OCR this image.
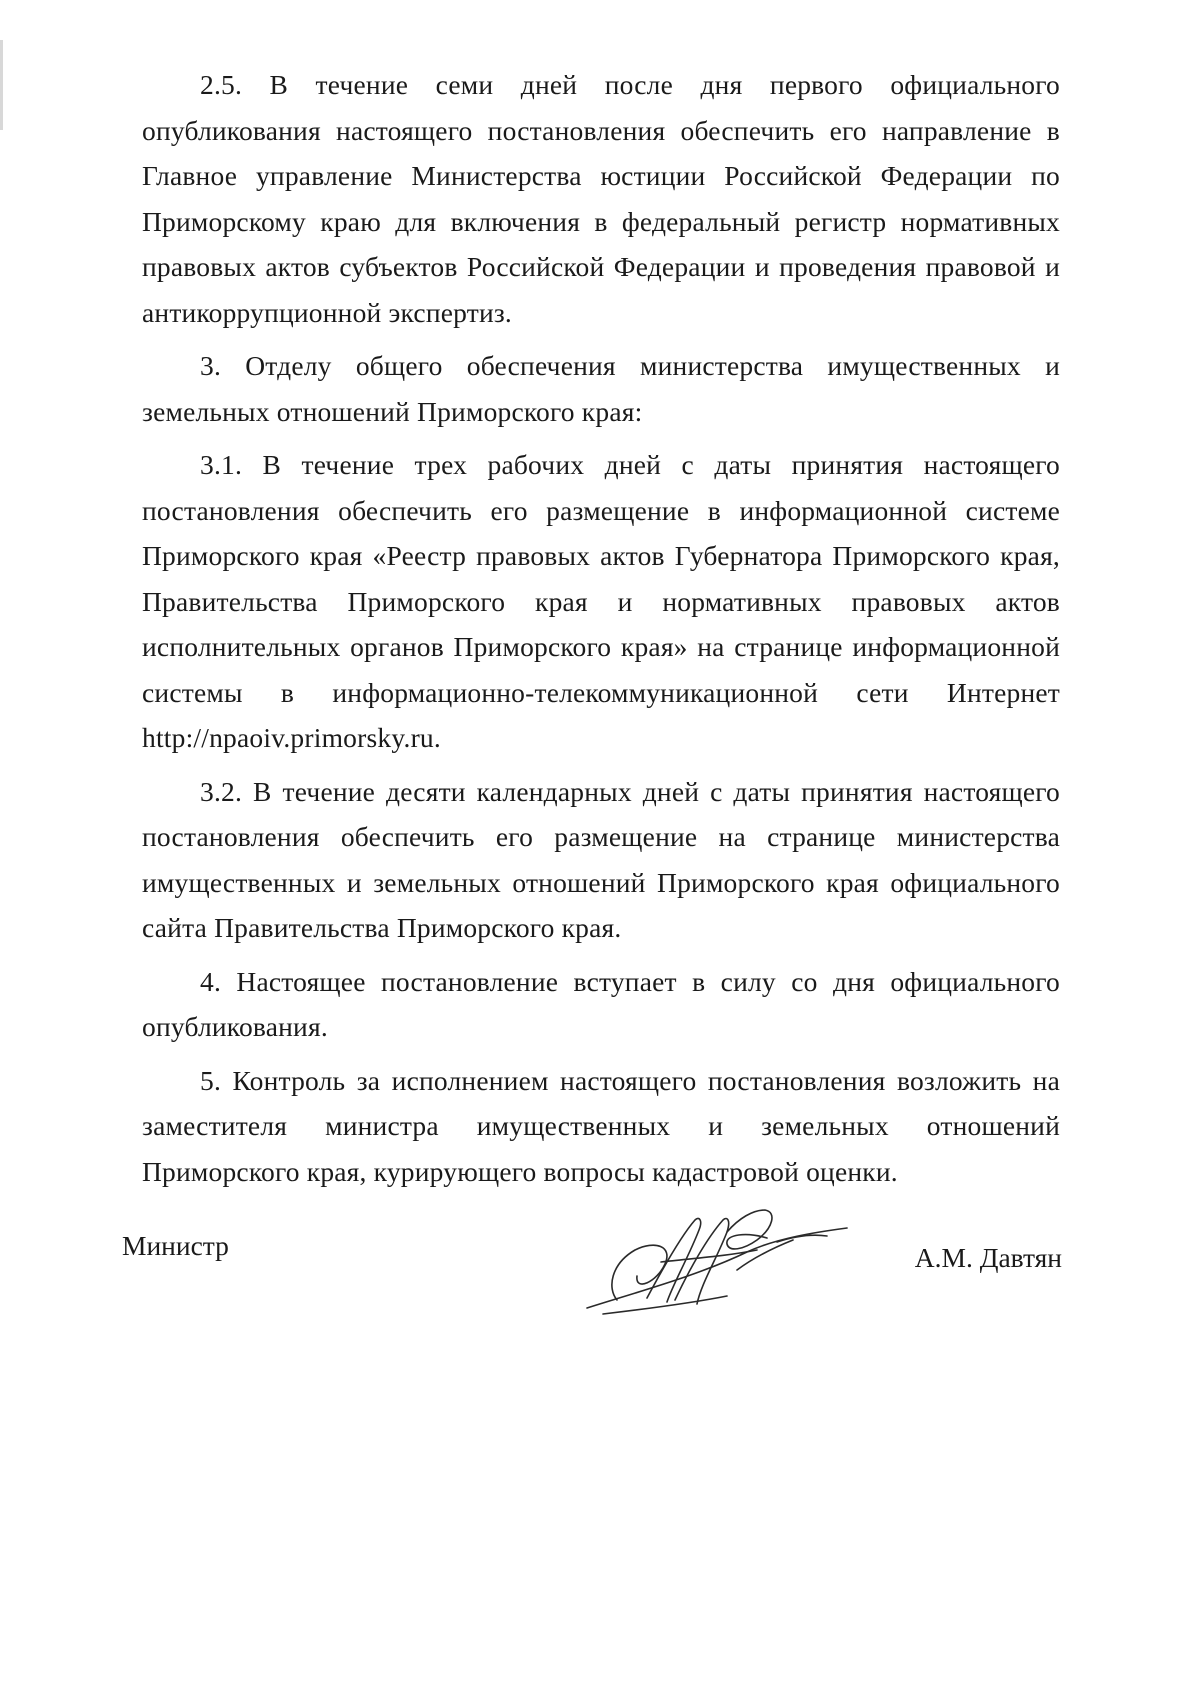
2.5. В течение семи дней после дня первого официального опубликования настоящего постановления обеспечить его направление в Главное управление Министерства юстиции Российской Федерации по Приморскому краю для включения в федеральный регистр нормативных правовых актов субъектов Российской Федерации и проведения правовой и антикоррупционной экспертиз.

3. Отделу общего обеспечения министерства имущественных и земельных отношений Приморского края:

3.1. В течение трех рабочих дней с даты принятия настоящего постановления обеспечить его размещение в информационной системе Приморского края «Реестр правовых актов Губернатора Приморского края, Правительства Приморского края и нормативных правовых актов исполнительных органов Приморского края» на странице информационной системы в информационно-телекоммуникационной сети Интернет http://npaoiv.primorsky.ru.

3.2. В течение десяти календарных дней с даты принятия настоящего постановления обеспечить его размещение на странице министерства имущественных и земельных отношений Приморского края официального сайта Правительства Приморского края.

4. Настоящее постановление вступает в силу со дня официального опубликования.

5. Контроль за исполнением настоящего постановления возложить на заместителя министра имущественных и земельных отношений Приморского края, курирующего вопросы кадастровой оценки.

Министр	А.М. Давтян
